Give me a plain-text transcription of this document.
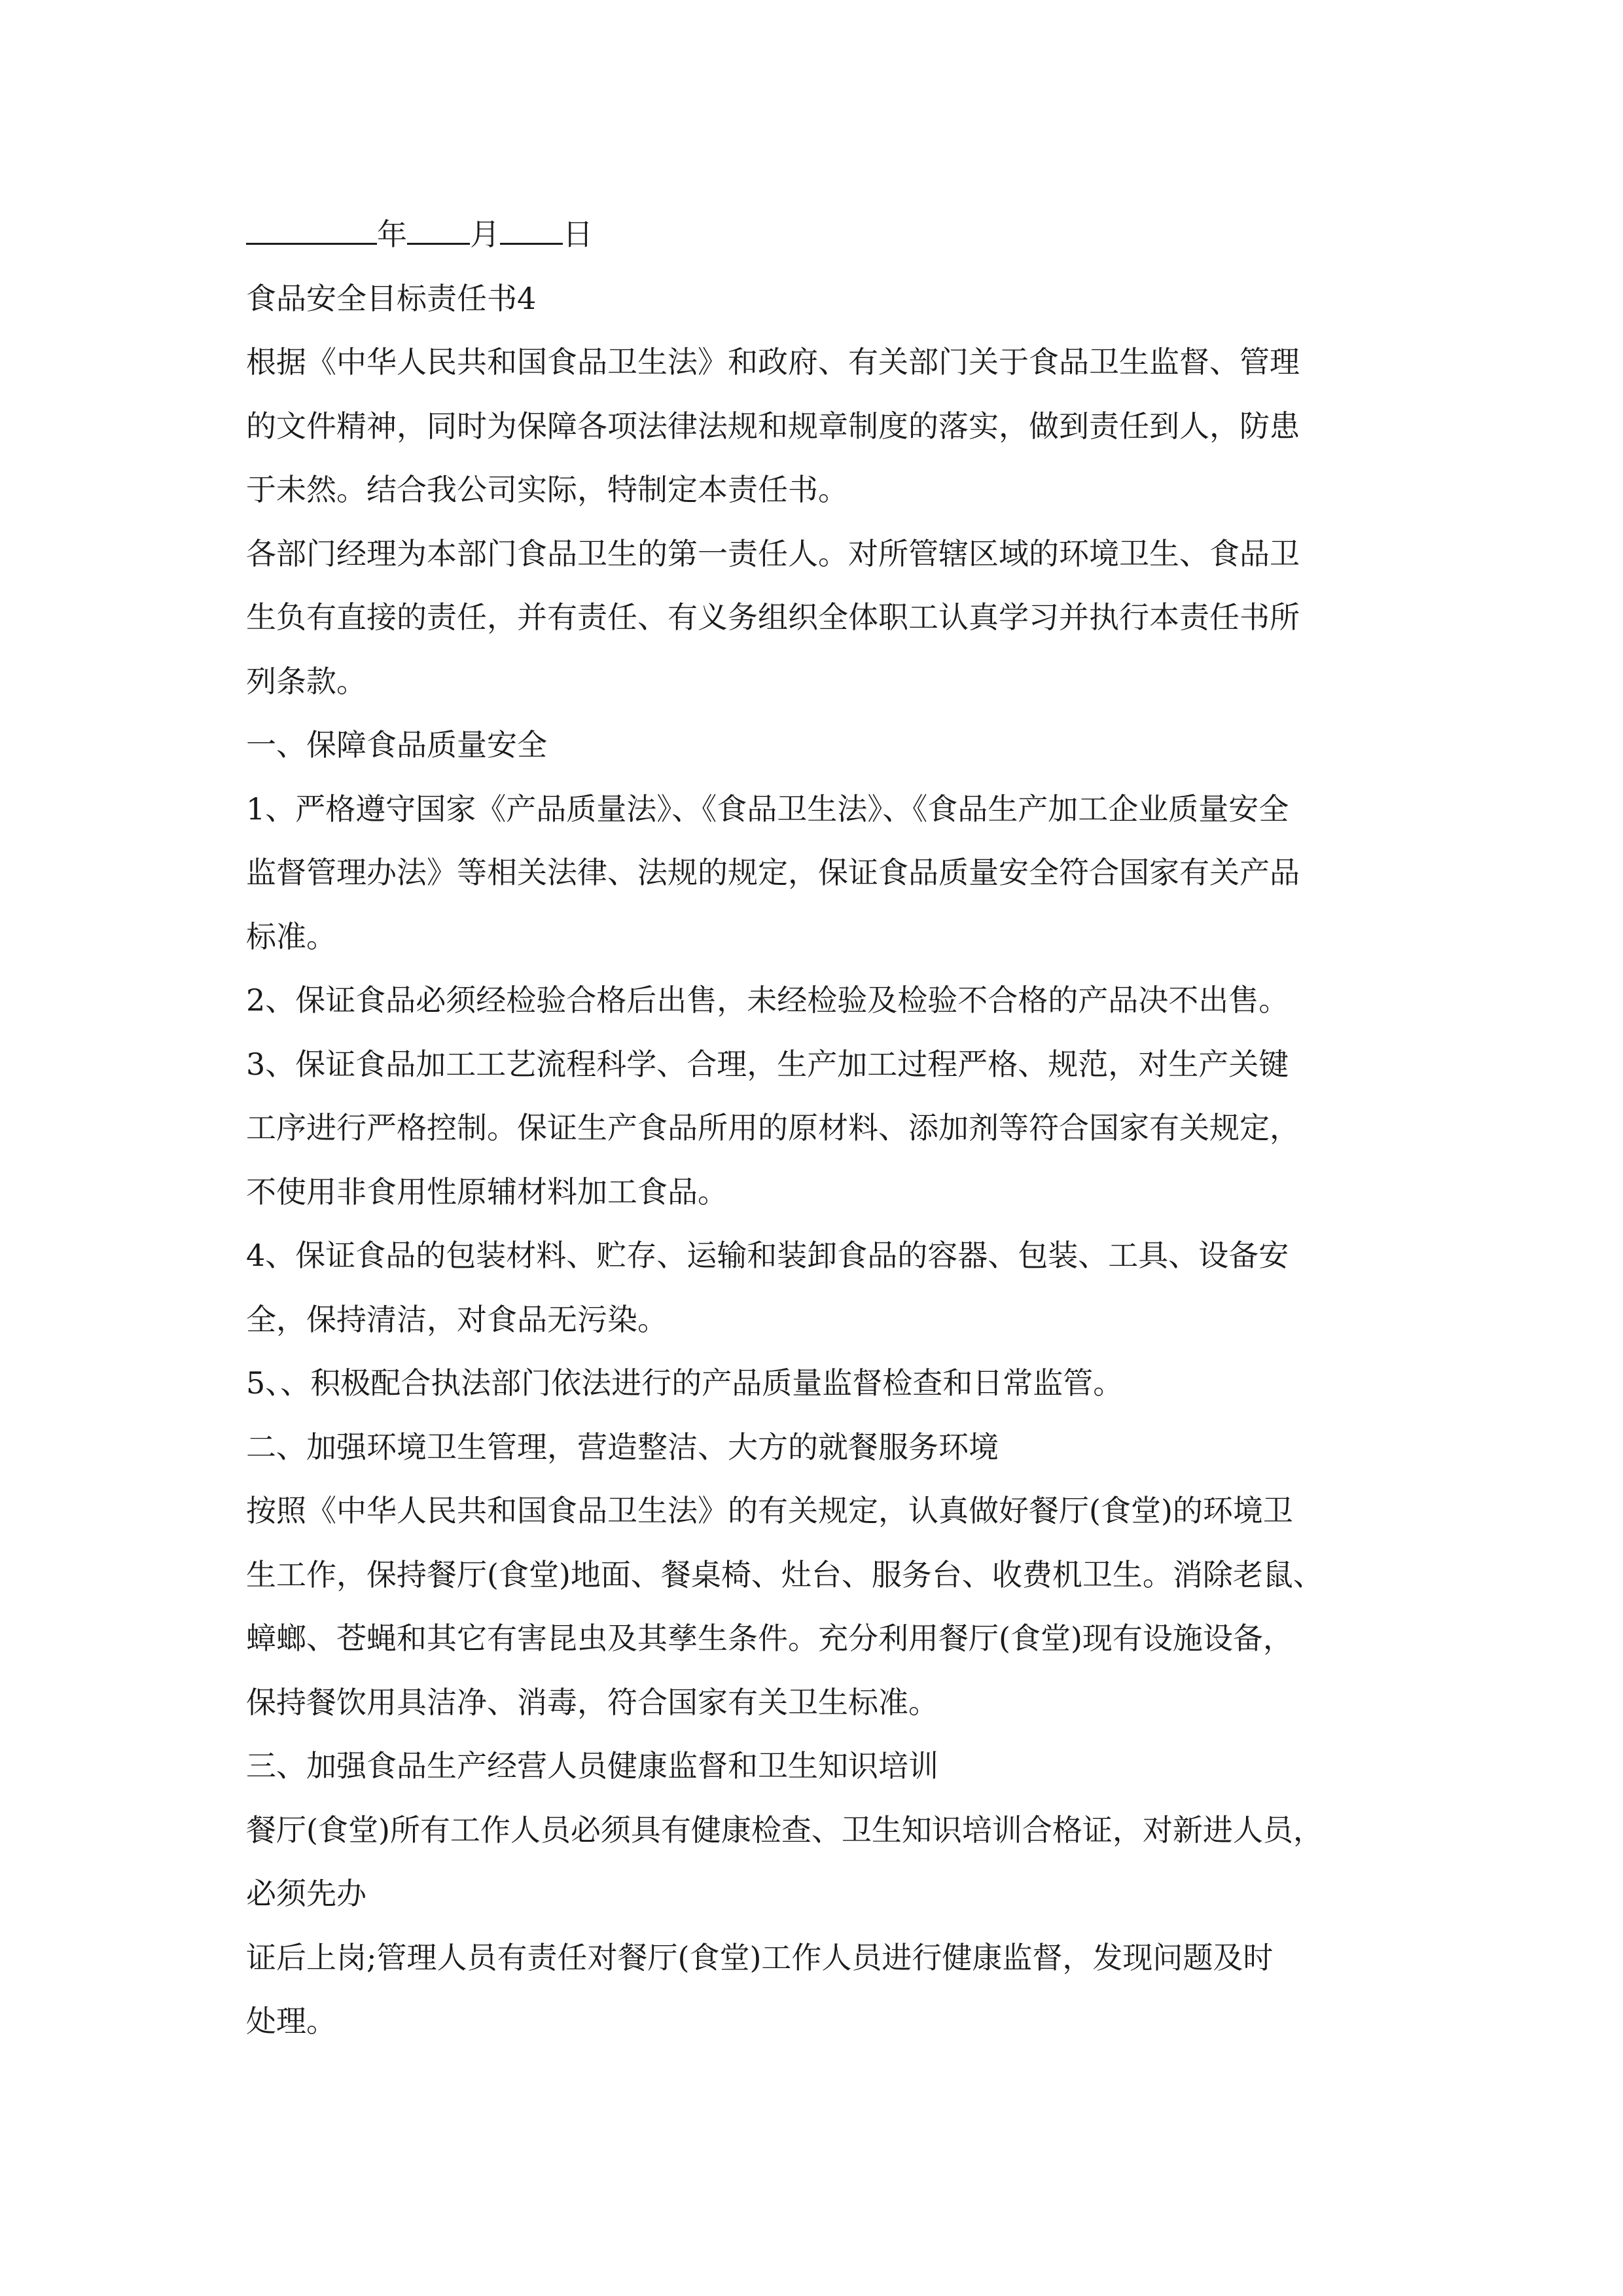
年 月 日
食品安全目标责任书4
根据《中华人民共和国食品卫生法》和政府、有关部门关于食品卫生监督、管理
的文件精神，同时为保障各项法律法规和规章制度的落实，做到责任到人，防患
于未然。结合我公司实际，特制定本责任书。
各部门经理为本部门食品卫生的第一责任人。对所管辖区域的环境卫生、食品卫
生负有直接的责任，并有责任、有义务组织全体职工认真学习并执行本责任书所
列条款。
一、保障食品质量安全
1、严格遵守国家《产品质量法》、《食品卫生法》、《食品生产加工企业质量安全
监督管理办法》等相关法律、法规的规定，保证食品质量安全符合国家有关产品
标准。
2、保证食品必须经检验合格后出售，未经检验及检验不合格的产品决不出售。
3、保证食品加工工艺流程科学、合理，生产加工过程严格、规范，对生产关键
工序进行严格控制。保证生产食品所用的原材料、添加剂等符合国家有关规定，
不使用非食用性原辅材料加工食品。
4、保证食品的包装材料、贮存、运输和装卸食品的容器、包装、工具、设备安
全，保持清洁，对食品无污染。
5、、积极配合执法部门依法进行的产品质量监督检查和日常监管。
二、加强环境卫生管理，营造整洁、大方的就餐服务环境
按照《中华人民共和国食品卫生法》的有关规定，认真做好餐厅(食堂)的环境卫
生工作，保持餐厅(食堂)地面、餐桌椅、灶台、服务台、收费机卫生。消除老鼠、
蟑螂、苍蝇和其它有害昆虫及其孳生条件。充分利用餐厅(食堂)现有设施设备，
保持餐饮用具洁净、消毒，符合国家有关卫生标准。
三、加强食品生产经营人员健康监督和卫生知识培训
餐厅(食堂)所有工作人员必须具有健康检查、卫生知识培训合格证，对新进人员，
必须先办
证后上岗;管理人员有责任对餐厅(食堂)工作人员进行健康监督，发现问题及时
处理。
